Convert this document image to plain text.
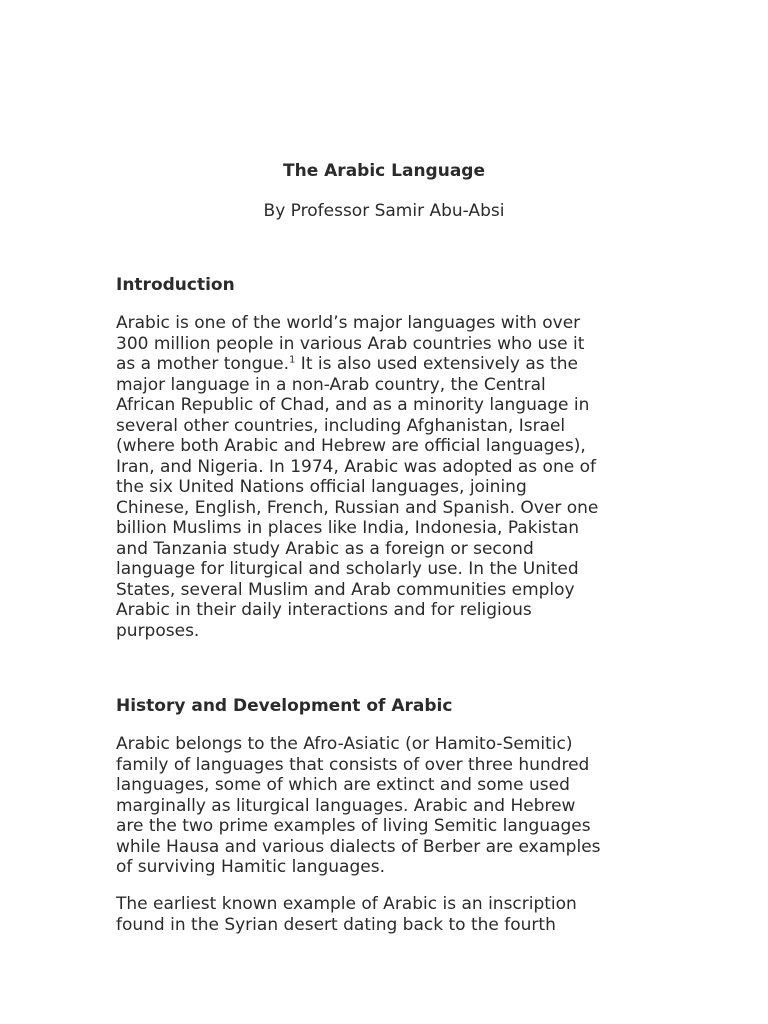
The Arabic Language
By Professor Samir Abu-Absi
Introduction

Arabic is one of the world’s major languages with over
300 million people in various Arab countries who use it
as a mother tongue.$^1$ It is also used extensively as the
major language in a non-Arab country, the Central
African Republic of Chad, and as a minority language in
several other countries, including Afghanistan, Israel
(where both Arabic and Hebrew are official languages),
Iran, and Nigeria. In 1974, Arabic was adopted as one of
the six United Nations official languages, joining
Chinese, English, French, Russian and Spanish. Over one
billion Muslims in places like India, Indonesia, Pakistan
and Tanzania study Arabic as a foreign or second
language for liturgical and scholarly use. In the United
States, several Muslim and Arab communities employ
Arabic in their daily interactions and for religious
purposes.

History and Development of Arabic

Arabic belongs to the Afro-Asiatic (or Hamito-Semitic)
family of languages that consists of over three hundred
languages, some of which are extinct and some used
marginally as liturgical languages. Arabic and Hebrew
are the two prime examples of living Semitic languages
while Hausa and various dialects of Berber are examples
of surviving Hamitic languages.

The earliest known example of Arabic is an inscription
found in the Syrian desert dating back to the fourth
